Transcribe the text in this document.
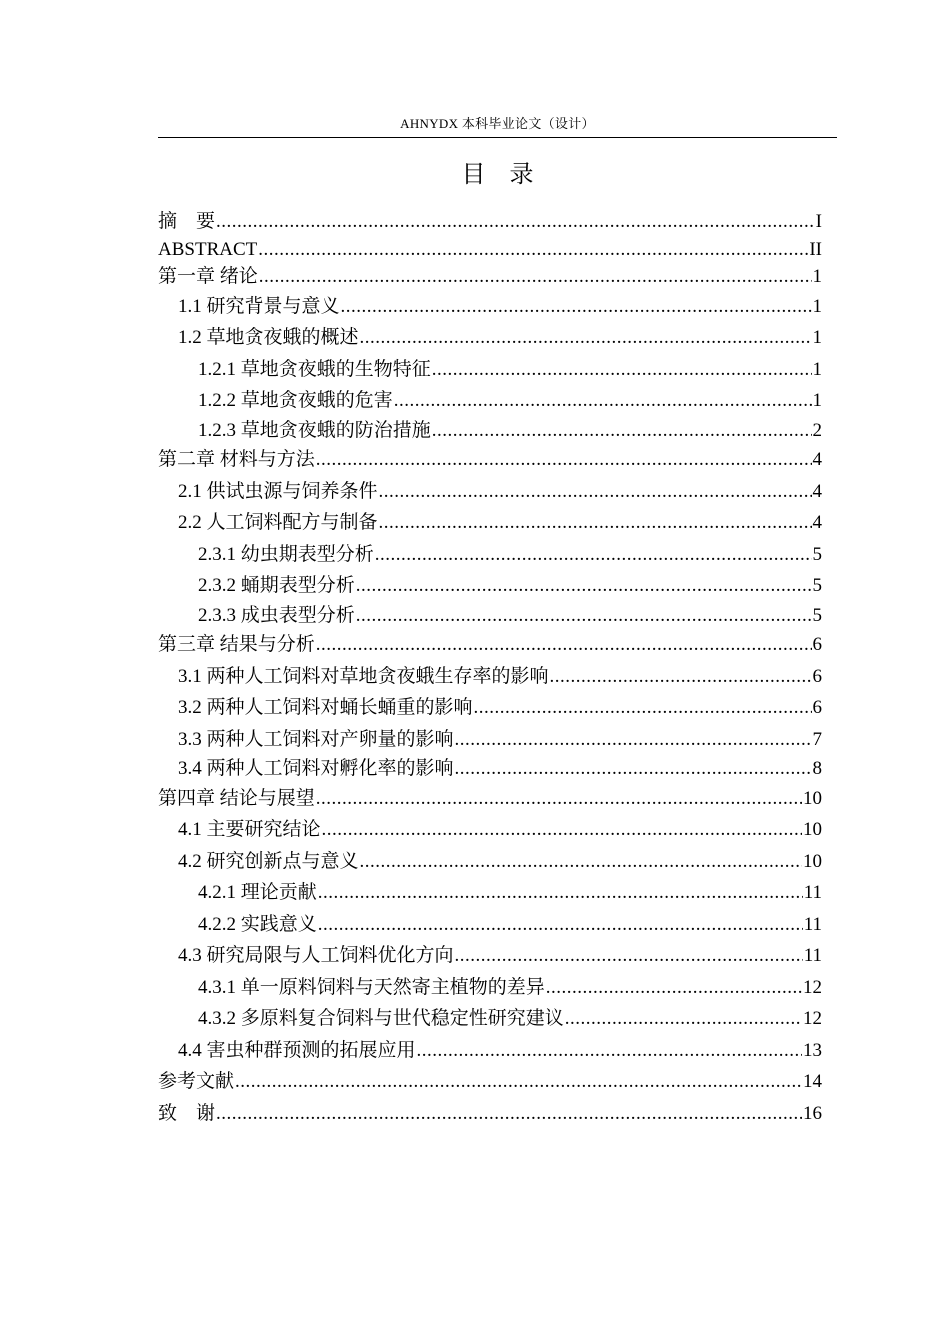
AHNYDX 本科毕业论文（设计）
目　录
摘　要 .....	I
ABSTRACT .....	II
第一章 绪论 .....	1
1.1 研究背景与意义 .....	1
1.2 草地贪夜蛾的概述 .....	1
1.2.1 草地贪夜蛾的生物特征 .....	1
1.2.2 草地贪夜蛾的危害 .....	1
1.2.3 草地贪夜蛾的防治措施 .....	2
第二章 材料与方法 .....	4
2.1 供试虫源与饲养条件 .....	4
2.2 人工饲料配方与制备 .....	4
2.3.1 幼虫期表型分析 .....	5
2.3.2 蛹期表型分析 .....	5
2.3.3 成虫表型分析 .....	5
第三章 结果与分析 .....	6
3.1 两种人工饲料对草地贪夜蛾生存率的影响 .....	6
3.2 两种人工饲料对蛹长蛹重的影响 .....	6
3.3 两种人工饲料对产卵量的影响 .....	7
3.4 两种人工饲料对孵化率的影响 .....	8
第四章 结论与展望 .....	10
4.1 主要研究结论 .....	10
4.2 研究创新点与意义 .....	10
4.2.1 理论贡献 .....	11
4.2.2 实践意义 .....	11
4.3 研究局限与人工饲料优化方向 .....	11
4.3.1 单一原料饲料与天然寄主植物的差异 .....	12
4.3.2 多原料复合饲料与世代稳定性研究建议 .....	12
4.4 害虫种群预测的拓展应用 .....	13
参考文献 .....	14
致　谢 .....	16
